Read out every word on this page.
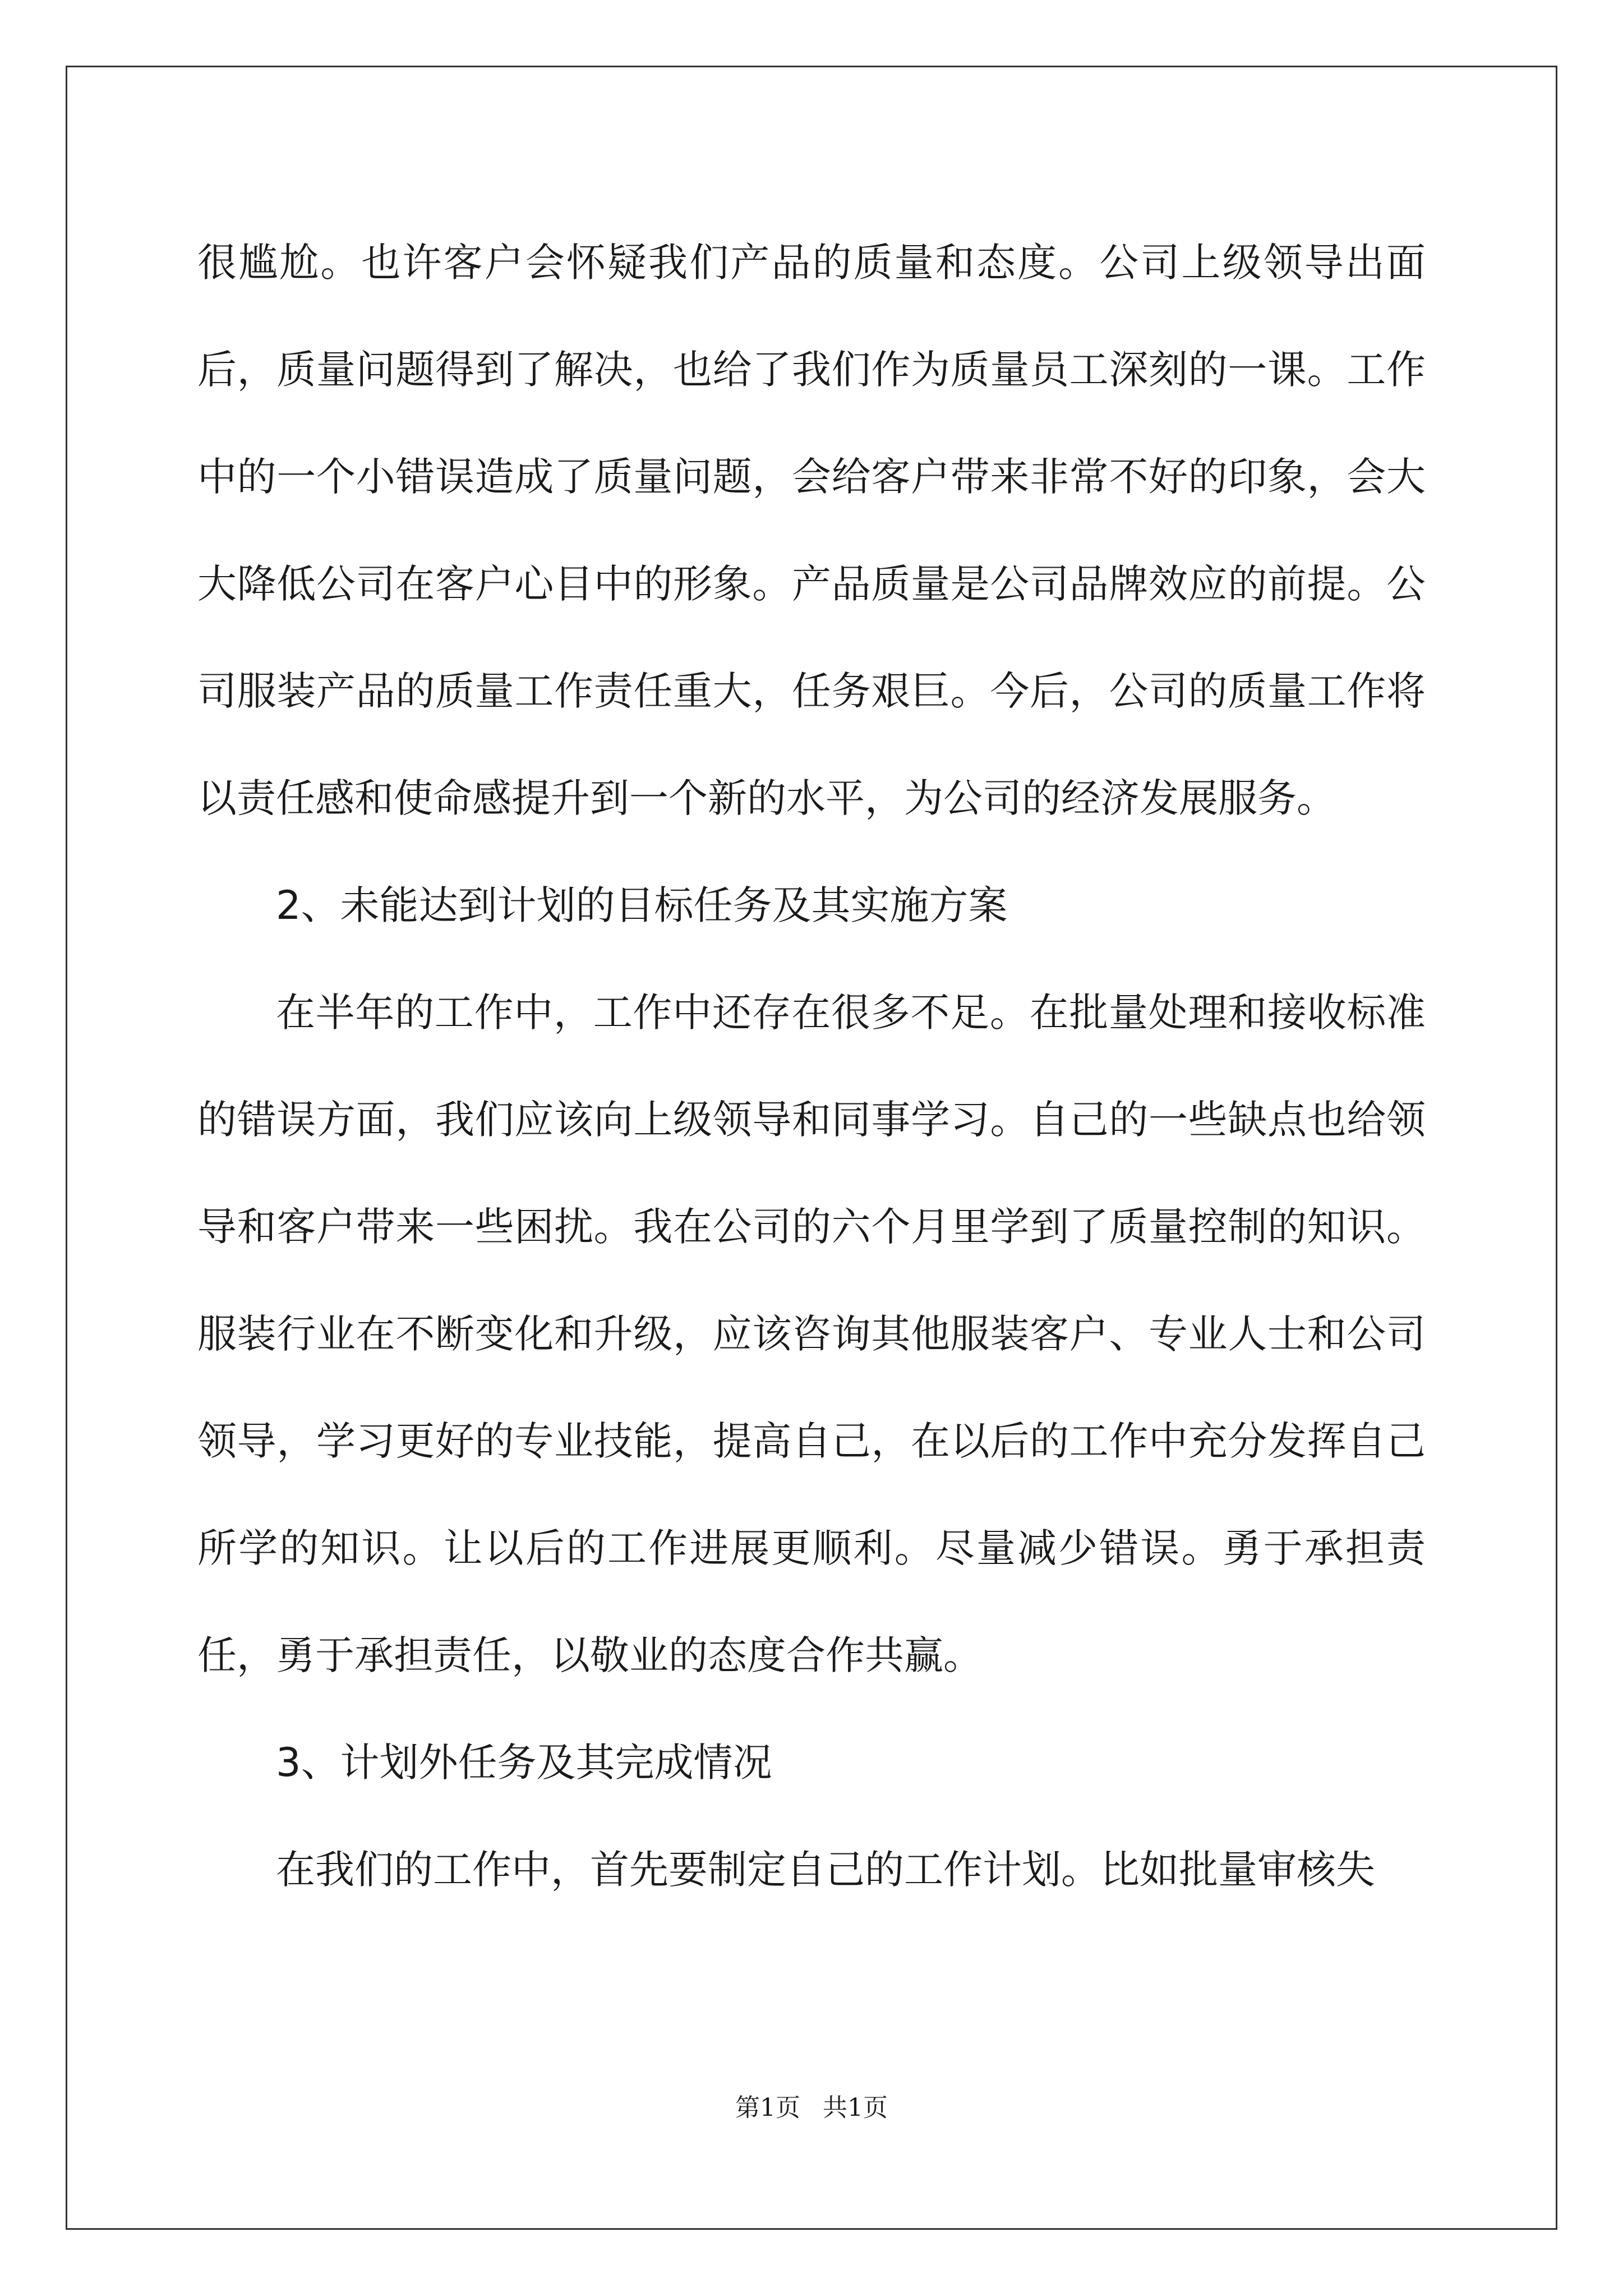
很尴尬。也许客户会怀疑我们产品的质量和态度。公司上级领导出面后，质量问题得到了解决，也给了我们作为质量员工深刻的一课。工作中的一个小错误造成了质量问题，会给客户带来非常不好的印象，会大大降低公司在客户心目中的形象。产品质量是公司品牌效应的前提。公司服装产品的质量工作责任重大，任务艰巨。今后，公司的质量工作将以责任感和使命感提升到一个新的水平，为公司的经济发展服务。

2、未能达到计划的目标任务及其实施方案

在半年的工作中，工作中还存在很多不足。在批量处理和接收标准的错误方面，我们应该向上级领导和同事学习。自己的一些缺点也给领导和客户带来一些困扰。我在公司的六个月里学到了质量控制的知识。服装行业在不断变化和升级，应该咨询其他服装客户、专业人士和公司领导，学习更好的专业技能，提高自己，在以后的工作中充分发挥自己所学的知识。让以后的工作进展更顺利。尽量减少错误。勇于承担责任，勇于承担责任，以敬业的态度合作共赢。

3、计划外任务及其完成情况

在我们的工作中，首先要制定自己的工作计划。比如批量审核失

第1页 共1页
